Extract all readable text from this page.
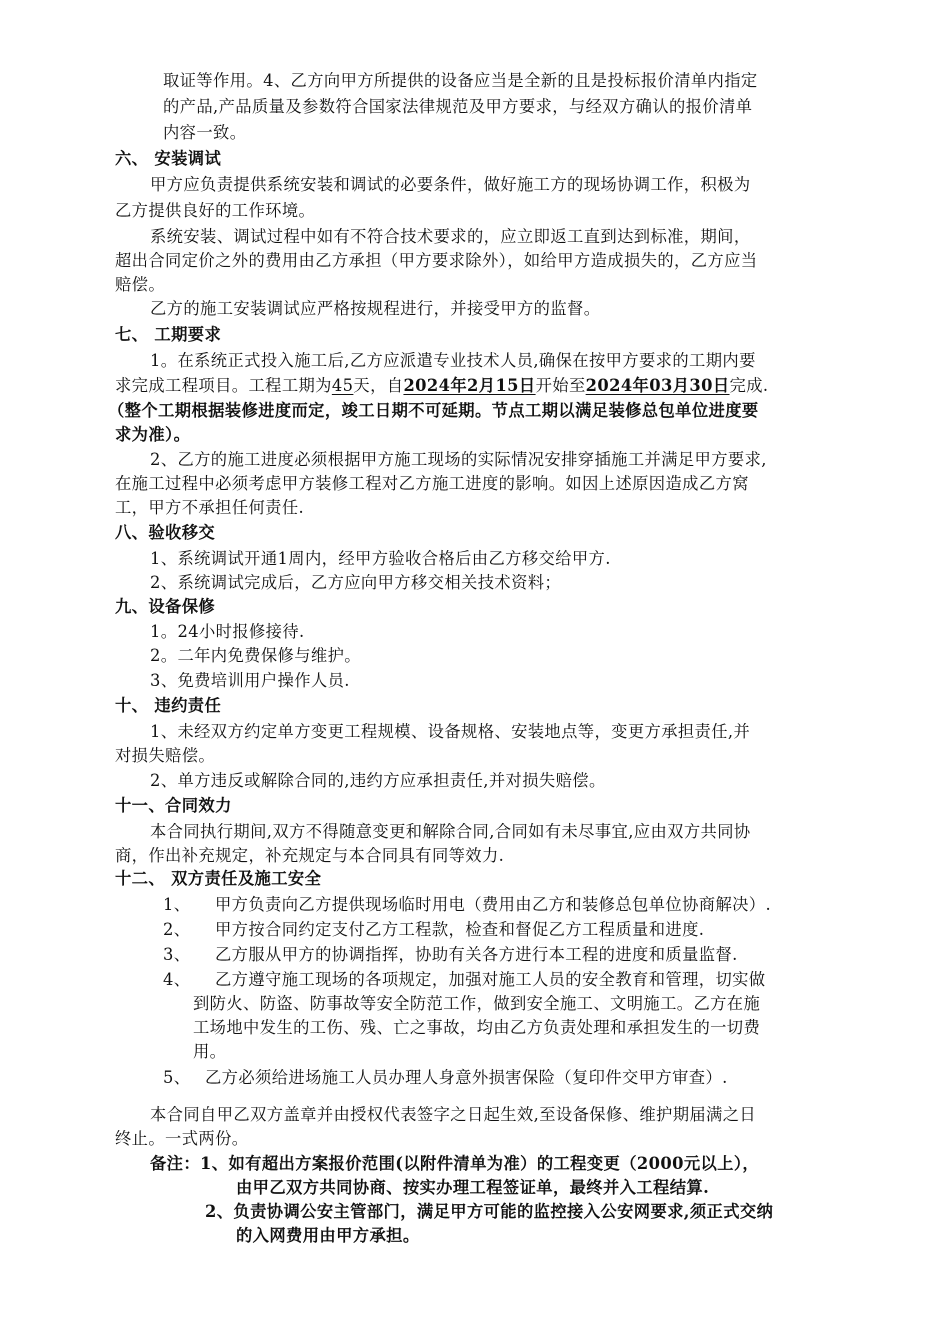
取证等作用。4、乙方向甲方所提供的设备应当是全新的且是投标报价清单内指定
的产品,产品质量及参数符合国家法律规范及甲方要求，与经双方确认的报价清单
内容一致。
六、 安装调试
甲方应负责提供系统安装和调试的必要条件，做好施工方的现场协调工作，积极为
乙方提供良好的工作环境。
系统安装、调试过程中如有不符合技术要求的，应立即返工直到达到标准，期间，
超出合同定价之外的费用由乙方承担（甲方要求除外），如给甲方造成损失的，乙方应当
赔偿。
乙方的施工安装调试应严格按规程进行，并接受甲方的监督。
七、 工期要求
1。在系统正式投入施工后,乙方应派遣专业技术人员,确保在按甲方要求的工期内要
求完成工程项目。工程工期为45天，自2024年2月15日开始至2024年03月30日完成.
（整个工期根据装修进度而定，竣工日期不可延期。节点工期以满足装修总包单位进度要
求为准）。
2、乙方的施工进度必须根据甲方施工现场的实际情况安排穿插施工并满足甲方要求,
在施工过程中必须考虑甲方装修工程对乙方施工进度的影响。如因上述原因造成乙方窝
工，甲方不承担任何责任.
八、验收移交
1、系统调试开通1周内，经甲方验收合格后由乙方移交给甲方.
2、系统调试完成后，乙方应向甲方移交相关技术资料；
九、设备保修
1。24小时报修接待.
2。二年内免费保修与维护。
3、免费培训用户操作人员.
十、 违约责任
1、未经双方约定单方变更工程规模、设备规格、安装地点等，变更方承担责任,并
对损失赔偿。
2、单方违反或解除合同的,违约方应承担责任,并对损失赔偿。
十一、合同效力
本合同执行期间,双方不得随意变更和解除合同,合同如有未尽事宜,应由双方共同协
商，作出补充规定，补充规定与本合同具有同等效力.
十二、 双方责任及施工安全
1、 甲方负责向乙方提供现场临时用电（费用由乙方和装修总包单位协商解决）.
2、 甲方按合同约定支付乙方工程款，检查和督促乙方工程质量和进度.
3、 乙方服从甲方的协调指挥，协助有关各方进行本工程的进度和质量监督.
4、 乙方遵守施工现场的各项规定，加强对施工人员的安全教育和管理，切实做
到防火、防盗、防事故等安全防范工作，做到安全施工、文明施工。乙方在施
工场地中发生的工伤、残、亡之事故，均由乙方负责处理和承担发生的一切费
用。
5、 乙方必须给进场施工人员办理人身意外损害保险（复印件交甲方审查）.
本合同自甲乙双方盖章并由授权代表签字之日起生效,至设备保修、维护期届满之日
终止。一式两份。
备注：1、如有超出方案报价范围(以附件清单为准）的工程变更（2000元以上），
由甲乙双方共同协商、按实办理工程签证单，最终并入工程结算.
2、负责协调公安主管部门，满足甲方可能的监控接入公安网要求,须正式交纳
的入网费用由甲方承担。
